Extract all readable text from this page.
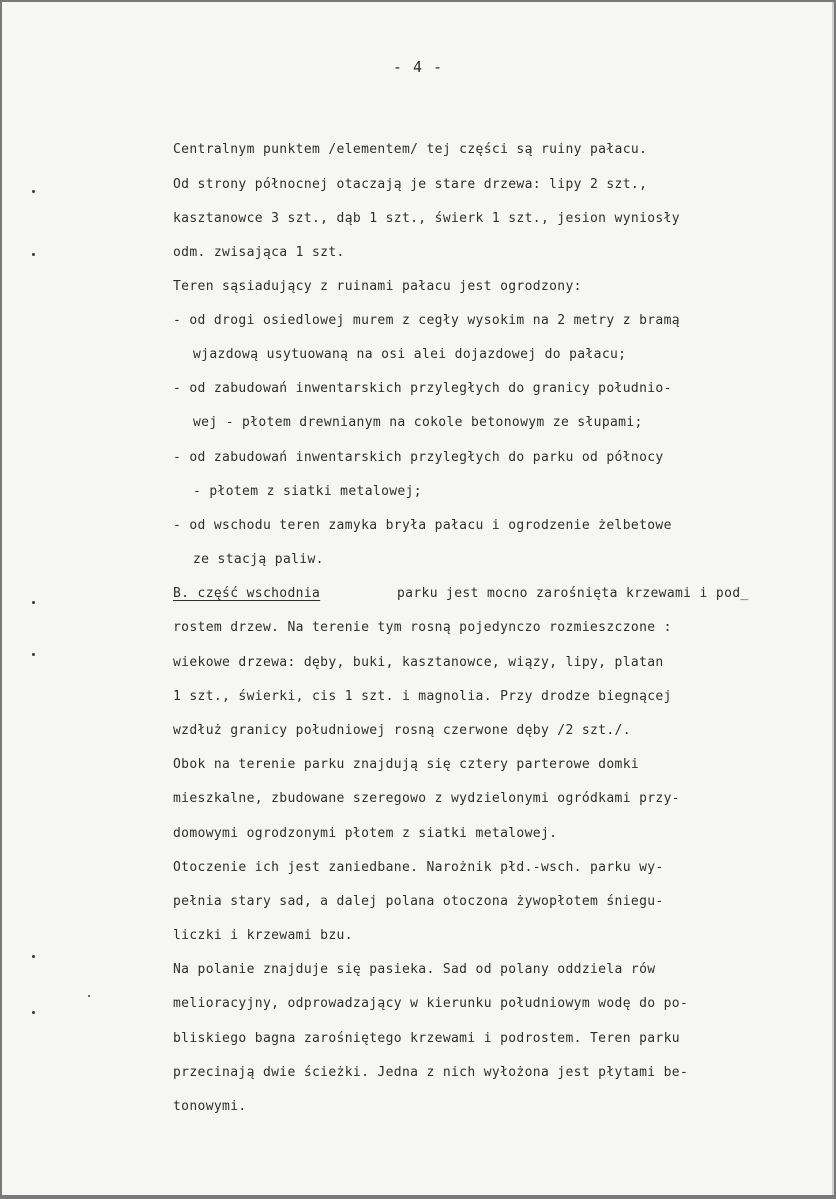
- 4 -
Centralnym punktem /elementem/ tej części są ruiny pałacu.
Od strony północnej otaczają je stare drzewa: lipy 2 szt.,
kasztanowce 3 szt., dąb 1 szt., świerk 1 szt., jesion wyniosły
odm. zwisająca 1 szt.
Teren sąsiadujący z ruinami pałacu jest ogrodzony:
- od drogi osiedlowej murem z cegły wysokim na 2 metry z bramą
wjazdową usytuowaną na osi alei dojazdowej do pałacu;
- od zabudowań inwentarskich przyległych do granicy południo-
wej - płotem drewnianym na cokole betonowym ze słupami;
- od zabudowań inwentarskich przyległych do parku od północy
- płotem z siatki metalowej;
- od wschodu teren zamyka bryła pałacu i ogrodzenie żelbetowe
ze stacją paliw.
B. część wschodnia	parku jest mocno zarośnięta krzewami i pod_
rostem drzew. Na terenie tym rosną pojedynczo rozmieszczone :
wiekowe drzewa: dęby, buki, kasztanowce, wiązy, lipy, platan
1 szt., świerki, cis 1 szt. i magnolia. Przy drodze biegnącej
wzdłuż granicy południowej rosną czerwone dęby /2 szt./.
Obok na terenie parku znajdują się cztery parterowe domki
mieszkalne, zbudowane szeregowo z wydzielonymi ogródkami przy-
domowymi ogrodzonymi płotem z siatki metalowej.
Otoczenie ich jest zaniedbane. Narożnik płd.-wsch. parku wy-
pełnia stary sad, a dalej polana otoczona żywopłotem śniegu-
liczki i krzewami bzu.
Na polanie znajduje się pasieka. Sad od polany oddziela rów
melioracyjny, odprowadzający w kierunku południowym wodę do po-
bliskiego bagna zarośniętego krzewami i podrostem. Teren parku
przecinają dwie ścieżki. Jedna z nich wyłożona jest płytami be-
tonowymi.
